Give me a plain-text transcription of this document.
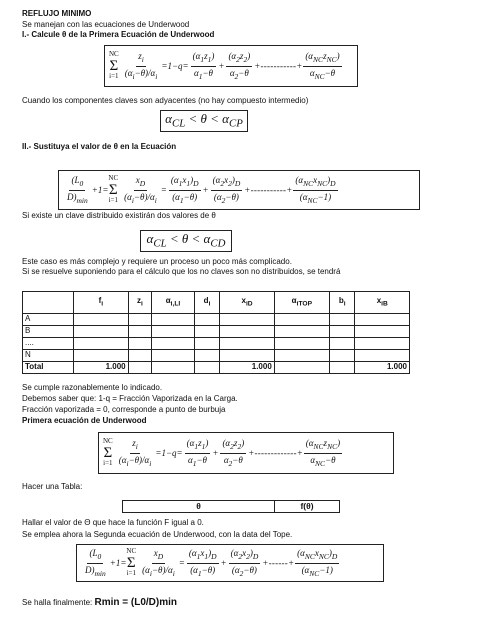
REFLUJO MINIMO
Se manejan con las ecuaciones de Underwood
I.- Calcule θ de la Primera Ecuación de Underwood
NC
Σ
$i=1 \frac{z_i}{(\alpha_i-\theta)/\alpha_i} =1-q= \frac{(\alpha_1z_1)}{\alpha_1-\theta} + \frac{(\alpha_2z_2)}{\alpha_2-\theta}$ + - - - - - - - - - - - + $\frac{(\alpha_{NC}z_{NC})}{\alpha_{NC}-\theta}$
Cuando los componentes claves son adyacentes (no hay compuesto intermedio)
$\alpha_{CL} < \theta < \alpha_{CP}$
II.- Sustituya el valor de θ en la Ecuación
$\frac{(L_0}{D)_{min}} +1=$
NC
Σ
$i=1 \frac{x_D}{(\alpha_i-\theta)/\alpha_i} = \frac{(\alpha_1x_1)_D}{(\alpha_1-\theta)} + \frac{(\alpha_2x_2)_D}{(\alpha_2-\theta)}$ + - - - - - - - - - - - + $\frac{(\alpha_{NC}x_{NC})_D}{(\alpha_{NC}-1)}$
Si existe un clave distribuido existirán dos valores de θ
$\alpha_{CL} < \theta < \alpha_{CD}$
Este caso es más complejo y requiere un proceso un poco más complicado.
Si se resuelve suponiendo para el cálculo que los no claves son no distribuidos, se tendrá
	$f_i$	$z_i$	$\alpha_{i,LI}$	$d_i$	$x_{iD}$	$\alpha_{iTOP}$	$b_i$	$x_{iB}$
A								
B								
....								
N								
Total	1.000				1.000			1.000
Se cumple razonablemente lo indicado.
Debemos saber que: 1-q = Fracción Vaporizada en la Carga.
Fracción vaporizada = 0, corresponde a punto de burbuja
Primera ecuación de Underwood
NC
Σ
$i=1 \frac{z_i}{(\alpha_i-\theta)/\alpha_i} =1-q= \frac{(\alpha_1z_1)}{\alpha_1-\theta} + \frac{(\alpha_2z_2)}{\alpha_2-\theta}$ + - - - - - - - - - - - - - + $\frac{(\alpha_{NC}z_{NC})}{\alpha_{NC}-\theta}$
Hacer una Tabla:
θ	f(θ)
Hallar el valor de Θ que hace la función F igual a 0.
Se emplea ahora la Segunda ecuación de Underwood, con la data del Tope.
$\frac{(L_0}{D)_{min}} +1=$
NC
Σ
$i=1 \frac{x_D}{(\alpha_i-\theta)/\alpha_i} = \frac{(\alpha_1x_1)_D}{(\alpha_1-\theta)} + \frac{(\alpha_2x_2)_D}{(\alpha_2-\theta)}$ + - - - - - - + $\frac{(\alpha_{NC}x_{NC})_D}{(\alpha_{NC}-1)}$
Se halla finalmente: Rmin = (L0/D)min
